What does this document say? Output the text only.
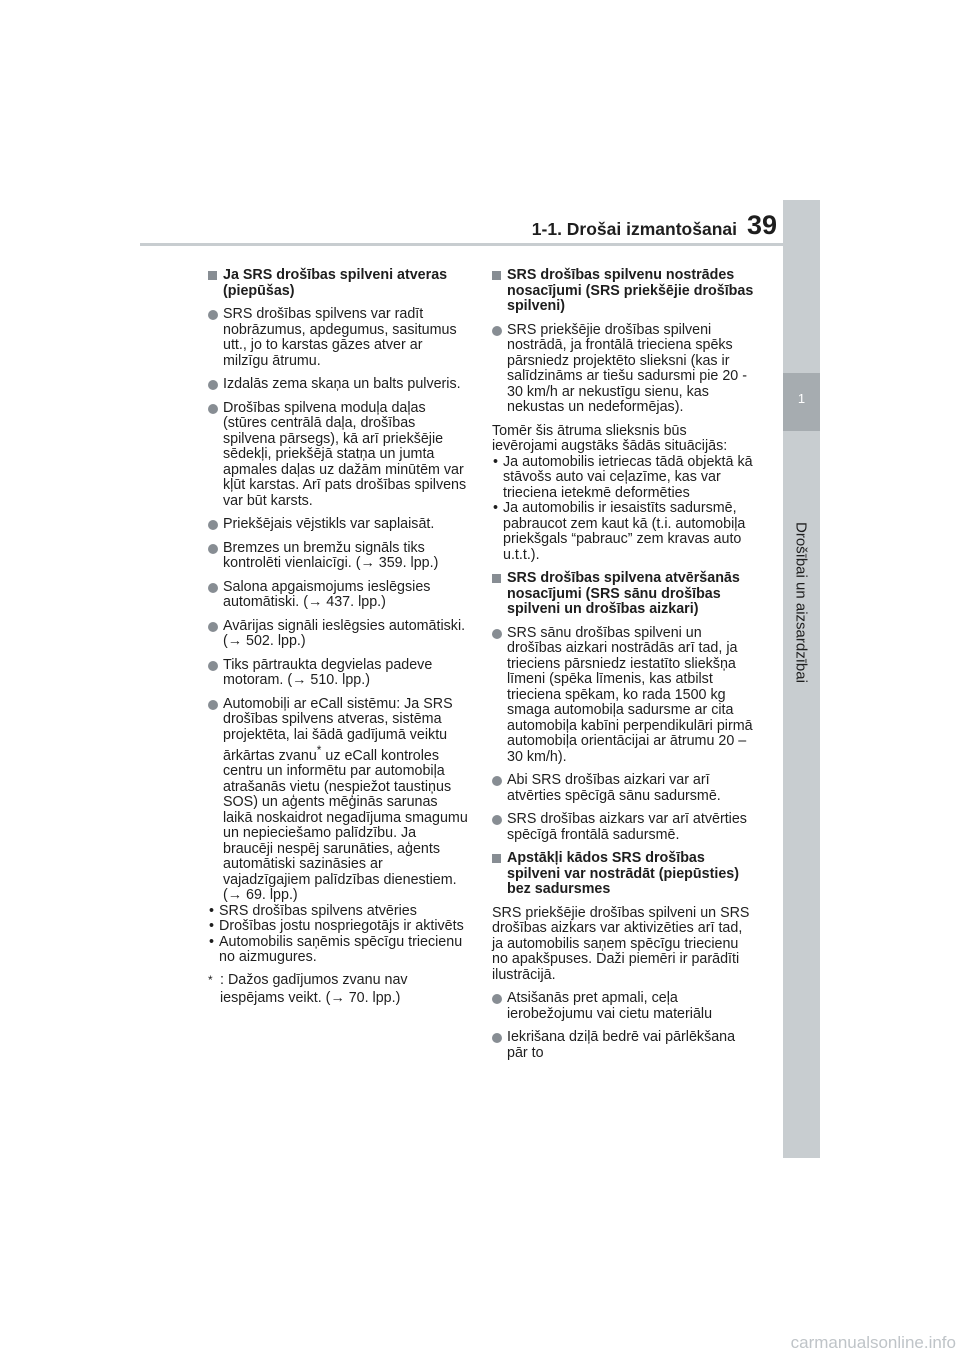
1
Drošībai un aizsardzībai
1-1. Drošai izmantošanai 39
Ja SRS drošības spilveni atveras (piepūšas)
SRS drošības spilvens var radīt nobrāzumus, apdegumus, sasitumus utt., jo to karstas gāzes atver ar milzīgu ātrumu.
Izdalās zema skaņa un balts pulveris.
Drošības spilvena moduļa daļas (stūres centrālā daļa, drošības spilvena pārsegs), kā arī priekšējie sēdekļi, priekšējā statņa un jumta apmales daļas uz dažām minūtēm var kļūt karstas. Arī pats drošības spilvens var būt karsts.
Priekšējais vējstikls var saplaisāt.
Bremzes un bremžu signāls tiks kontrolēti vienlaicīgi. (→ 359. lpp.)
Salona apgaismojums ieslēgsies automātiski. (→ 437. lpp.)
Avārijas signāli ieslēgsies automātiski. (→ 502. lpp.)
Tiks pārtraukta degvielas padeve motoram. (→ 510. lpp.)
Automobiļi ar eCall sistēmu: Ja SRS drošības spilvens atveras, sistēma projektēta, lai šādā gadījumā veiktu ārkārtas zvanu* uz eCall kontroles centru un informētu par automobiļa atrašanās vietu (nespiežot taustiņus SOS) un aģents mēģinās sarunas laikā noskaidrot negadījuma smagumu un nepieciešamo palīdzību. Ja braucēji nespēj sarunāties, aģents automātiski sazināsies ar vajadzīgajiem palīdzības dienestiem. (→ 69. lpp.)
• SRS drošības spilvens atvēries
• Drošības jostu nospriegotājs ir aktivēts
• Automobilis saņēmis spēcīgu triecienu no aizmugures.
* : Dažos gadījumos zvanu nav iespējams veikt. (→ 70. lpp.)
SRS drošības spilvenu nostrādes nosacījumi (SRS priekšējie drošības spilveni)
SRS priekšējie drošības spilveni nostrādā, ja frontālā trieciena spēks pārsniedz projektēto slieksni (kas ir salīdzināms ar tiešu sadursmi pie 20 - 30 km/h ar nekustīgu sienu, kas nekustas un nedeformējas).
Tomēr šis ātruma slieksnis būs ievērojami augstāks šādās situācijās:
• Ja automobilis ietriecas tādā objektā kā stāvošs auto vai ceļazīme, kas var trieciena ietekmē deformēties
• Ja automobilis ir iesaistīts sadursmē, pabraucot zem kaut kā (t.i. automobiļa priekšgals “pabrauc” zem kravas auto u.t.t.).
SRS drošības spilvena atvēršanās nosacījumi (SRS sānu drošības spilveni un drošības aizkari)
SRS sānu drošības spilveni un drošības aizkari nostrādās arī tad, ja trieciens pārsniedz iestatīto sliekšņa līmeni (spēka līmenis, kas atbilst trieciena spēkam, ko rada 1500 kg smaga automobiļa sadursme ar cita automobiļa kabīni perpendikulāri pirmā automobiļa orientācijai ar ātrumu 20 – 30 km/h).
Abi SRS drošības aizkari var arī atvērties spēcīgā sānu sadursmē.
SRS drošības aizkars var arī atvērties spēcīgā frontālā sadursmē.
Apstākļi kādos SRS drošības spilveni var nostrādāt (piepūsties) bez sadursmes
SRS priekšējie drošības spilveni un SRS drošības aizkars var aktivizēties arī tad, ja automobilis saņem spēcīgu triecienu no apakšpuses. Daži piemēri ir parādīti ilustrācijā.
Atsišanās pret apmali, ceļa ierobežojumu vai cietu materiālu
Iekrišana dziļā bedrē vai pārlēkšana pār to
carmanualsonline.info
